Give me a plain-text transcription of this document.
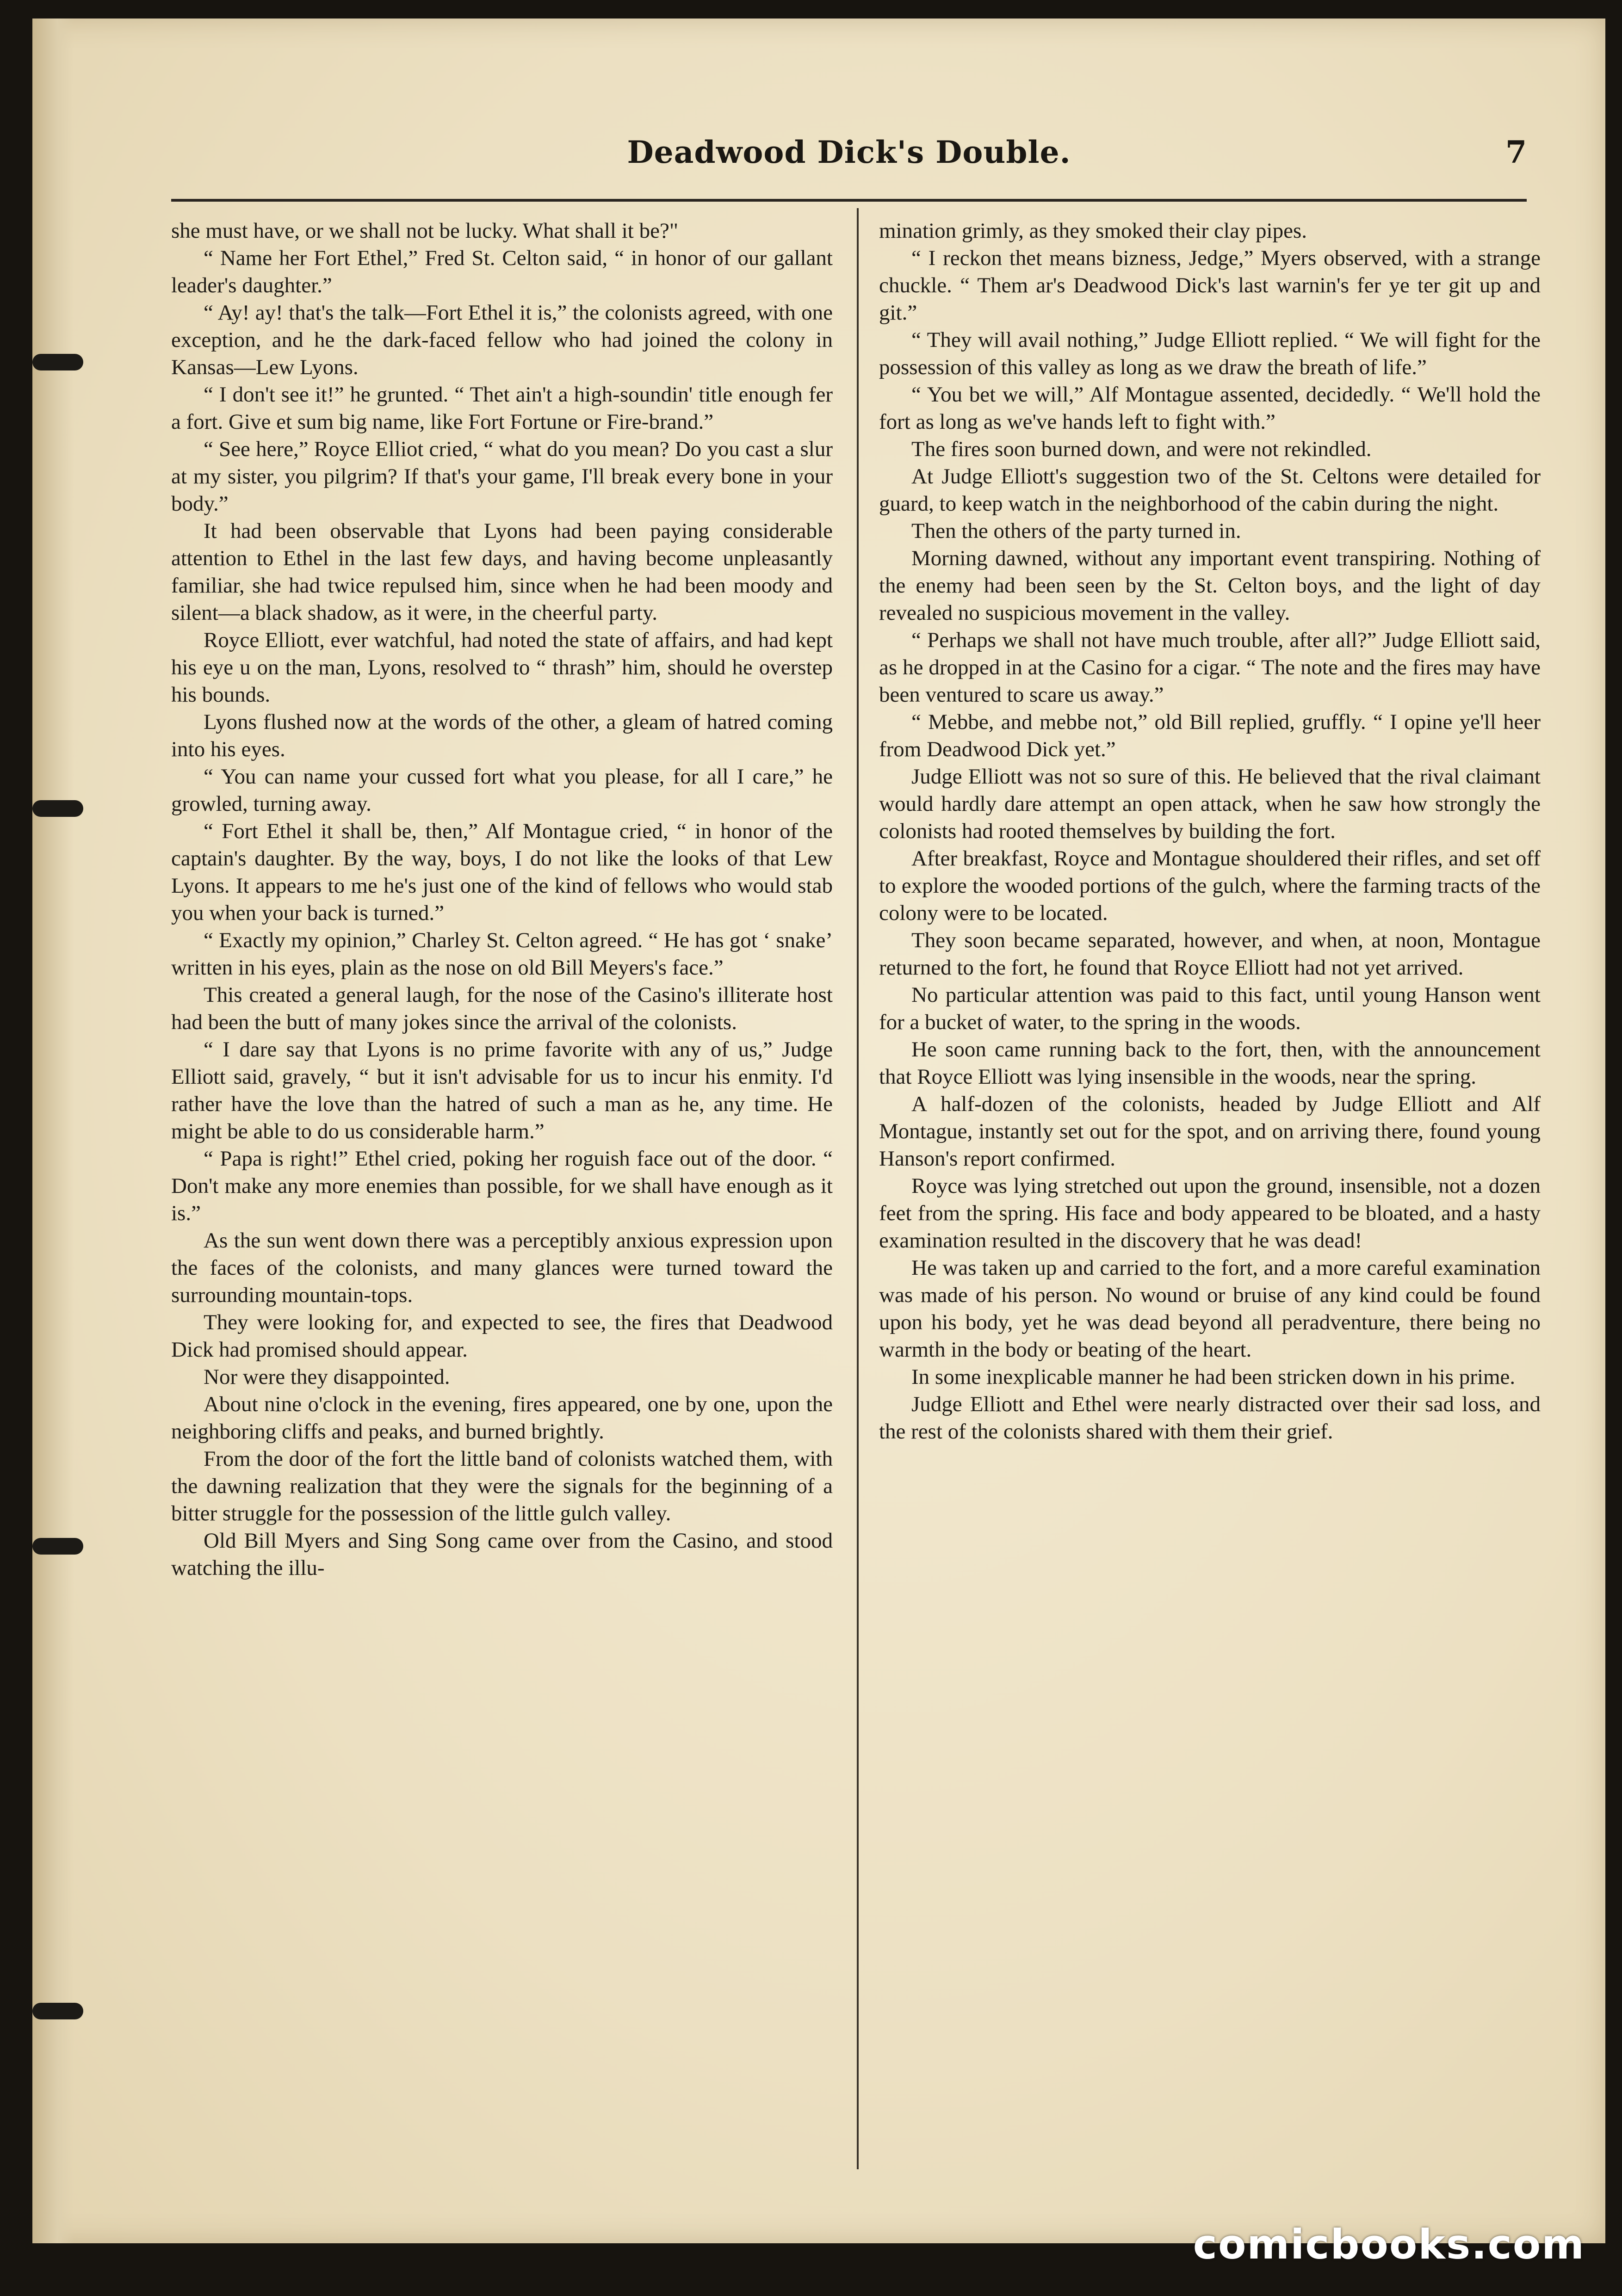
Deadwood Dick's Double.	7

she must have, or we shall not be lucky. What shall it be?"

“ Name her Fort Ethel,” Fred St. Celton said, “ in honor of our gallant leader's daughter.”

“ Ay! ay! that's the talk—Fort Ethel it is,” the colonists agreed, with one exception, and he the dark-faced fellow who had joined the colony in Kansas—Lew Lyons.

“ I don't see it!” he grunted. “ Thet ain't a high-soundin' title enough fer a fort. Give et sum big name, like Fort Fortune or Fire-brand.”

“ See here,” Royce Elliot cried, “ what do you mean? Do you cast a slur at my sister, you pilgrim? If that's your game, I'll break every bone in your body.”

It had been observable that Lyons had been paying considerable attention to Ethel in the last few days, and having become unpleasantly familiar, she had twice repulsed him, since when he had been moody and silent—a black shadow, as it were, in the cheerful party.

Royce Elliott, ever watchful, had noted the state of affairs, and had kept his eye u on the man, Lyons, resolved to “ thrash” him, should he overstep his bounds.

Lyons flushed now at the words of the other, a gleam of hatred coming into his eyes.

“ You can name your cussed fort what you please, for all I care,” he growled, turning away.

“ Fort Ethel it shall be, then,” Alf Montague cried, “ in honor of the captain's daughter. By the way, boys, I do not like the looks of that Lew Lyons. It appears to me he's just one of the kind of fellows who would stab you when your back is turned.”

“ Exactly my opinion,” Charley St. Celton agreed. “ He has got ‘ snake’ written in his eyes, plain as the nose on old Bill Meyers's face.”

This created a general laugh, for the nose of the Casino's illiterate host had been the butt of many jokes since the arrival of the colonists.

“ I dare say that Lyons is no prime favorite with any of us,” Judge Elliott said, gravely, “ but it isn't advisable for us to incur his enmity. I'd rather have the love than the hatred of such a man as he, any time. He might be able to do us considerable harm.”

“ Papa is right!” Ethel cried, poking her roguish face out of the door. “ Don't make any more enemies than possible, for we shall have enough as it is.”

As the sun went down there was a perceptibly anxious expression upon the faces of the colonists, and many glances were turned toward the surrounding mountain-tops.

They were looking for, and expected to see, the fires that Deadwood Dick had promised should appear.

Nor were they disappointed.

About nine o'clock in the evening, fires appeared, one by one, upon the neighboring cliffs and peaks, and burned brightly.

From the door of the fort the little band of colonists watched them, with the dawning realization that they were the signals for the beginning of a bitter struggle for the possession of the little gulch valley.

Old Bill Myers and Sing Song came over from the Casino, and stood watching the illu-

mination grimly, as they smoked their clay pipes.

“ I reckon thet means bizness, Jedge,” Myers observed, with a strange chuckle. “ Them ar's Deadwood Dick's last warnin's fer ye ter git up and git.”

“ They will avail nothing,” Judge Elliott replied. “ We will fight for the possession of this valley as long as we draw the breath of life.”

“ You bet we will,” Alf Montague assented, decidedly. “ We'll hold the fort as long as we've hands left to fight with.”

The fires soon burned down, and were not rekindled.

At Judge Elliott's suggestion two of the St. Celtons were detailed for guard, to keep watch in the neighborhood of the cabin during the night.

Then the others of the party turned in.

Morning dawned, without any important event transpiring. Nothing of the enemy had been seen by the St. Celton boys, and the light of day revealed no suspicious movement in the valley.

“ Perhaps we shall not have much trouble, after all?” Judge Elliott said, as he dropped in at the Casino for a cigar. “ The note and the fires may have been ventured to scare us away.”

“ Mebbe, and mebbe not,” old Bill replied, gruffly. “ I opine ye'll heer from Deadwood Dick yet.”

Judge Elliott was not so sure of this. He believed that the rival claimant would hardly dare attempt an open attack, when he saw how strongly the colonists had rooted themselves by building the fort.

After breakfast, Royce and Montague shouldered their rifles, and set off to explore the wooded portions of the gulch, where the farming tracts of the colony were to be located.

They soon became separated, however, and when, at noon, Montague returned to the fort, he found that Royce Elliott had not yet arrived.

No particular attention was paid to this fact, until young Hanson went for a bucket of water, to the spring in the woods.

He soon came running back to the fort, then, with the announcement that Royce Elliott was lying insensible in the woods, near the spring.

A half-dozen of the colonists, headed by Judge Elliott and Alf Montague, instantly set out for the spot, and on arriving there, found young Hanson's report confirmed.

Royce was lying stretched out upon the ground, insensible, not a dozen feet from the spring. His face and body appeared to be bloated, and a hasty examination resulted in the discovery that he was dead!

He was taken up and carried to the fort, and a more careful examination was made of his person. No wound or bruise of any kind could be found upon his body, yet he was dead beyond all peradventure, there being no warmth in the body or beating of the heart.

In some inexplicable manner he had been stricken down in his prime.

Judge Elliott and Ethel were nearly distracted over their sad loss, and the rest of the colonists shared with them their grief.

comicbooks.com
